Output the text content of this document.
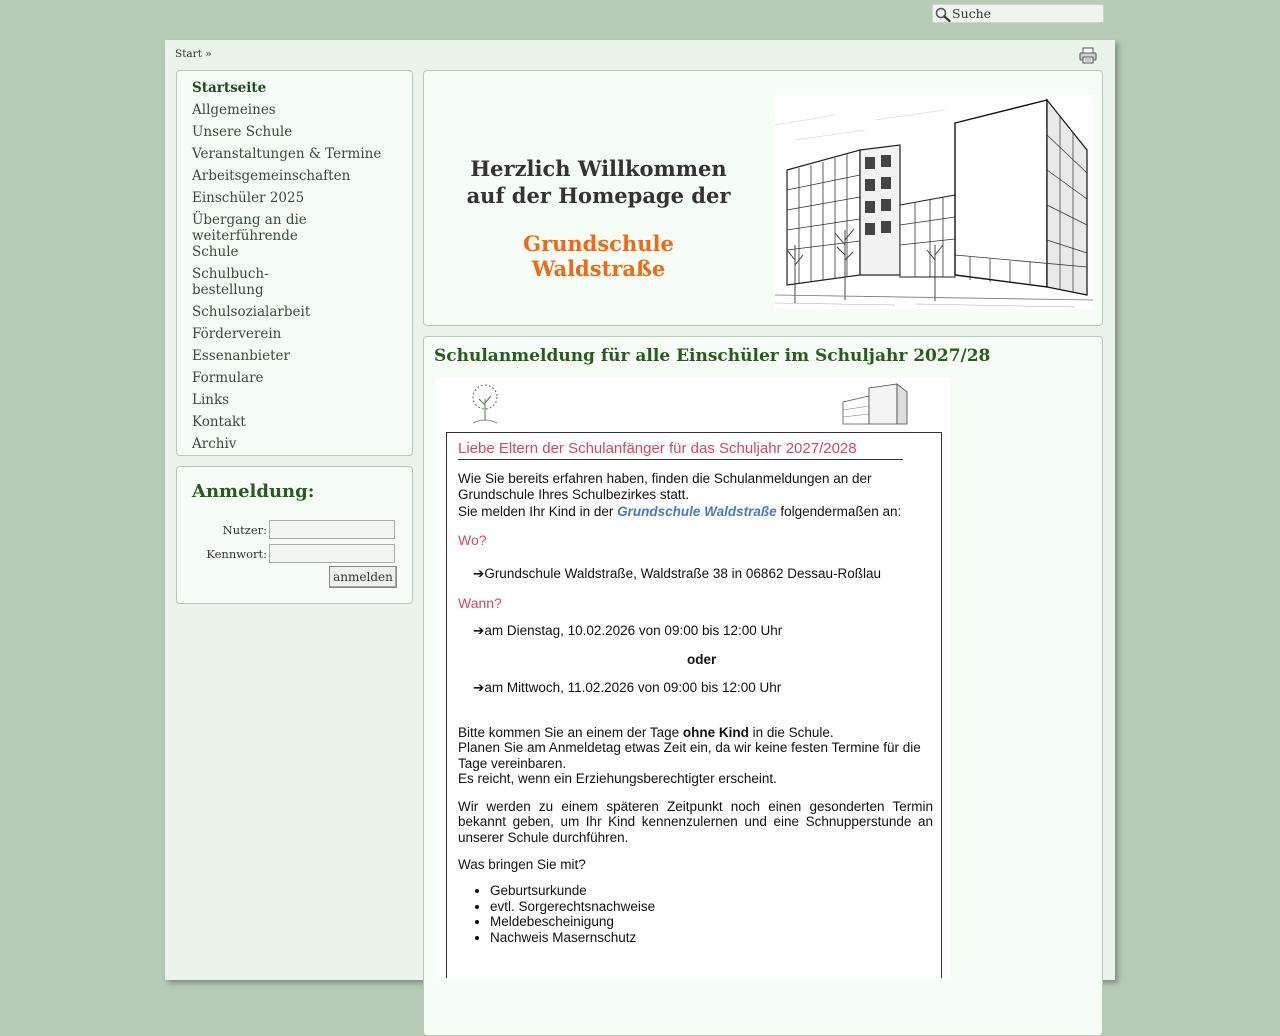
Suche
Start »
Startseite
Allgemeines
Unsere Schule
Veranstaltungen & Termine
Arbeitsgemeinschaften
Einschüler 2025
Übergang an die weiterführende Schule
Schulbuch-
bestellung
Schulsozialarbeit
Förderverein
Essenanbieter
Formulare
Links
Kontakt
Archiv
Anmeldung:
Nutzer:
Kennwort:
anmelden
Herzlich Willkommen
auf der Homepage der
Grundschule Waldstraße
Schulanmeldung für alle Einschüler im Schuljahr 2027/28
Liebe Eltern der Schulanfänger für das Schuljahr 2027/2028
Wie Sie bereits erfahren haben, finden die Schulanmeldungen an der
Grundschule Ihres Schulbezirkes statt.
Sie melden Ihr Kind in der Grundschule Waldstraße folgendermaßen an:
Wo?
➔Grundschule Waldstraße, Waldstraße 38 in 06862 Dessau-Roßlau
Wann?
➔am Dienstag, 10.02.2026 von 09:00 bis 12:00 Uhr
oder
➔am Mittwoch, 11.02.2026 von 09:00 bis 12:00 Uhr
Bitte kommen Sie an einem der Tage ohne Kind in die Schule.
Planen Sie am Anmeldetag etwas Zeit ein, da wir keine festen Termine für die
Tage vereinbaren.
Es reicht, wenn ein Erziehungsberechtigter erscheint.
Wir werden zu einem späteren Zeitpunkt noch einen gesonderten Termin
bekannt geben, um Ihr Kind kennenzulernen und eine Schnupperstunde an
unserer Schule durchführen.
Was bringen Sie mit?
• Geburtsurkunde
• evtl. Sorgerechtsnachweise
• Meldebescheinigung
• Nachweis Masernschutz
